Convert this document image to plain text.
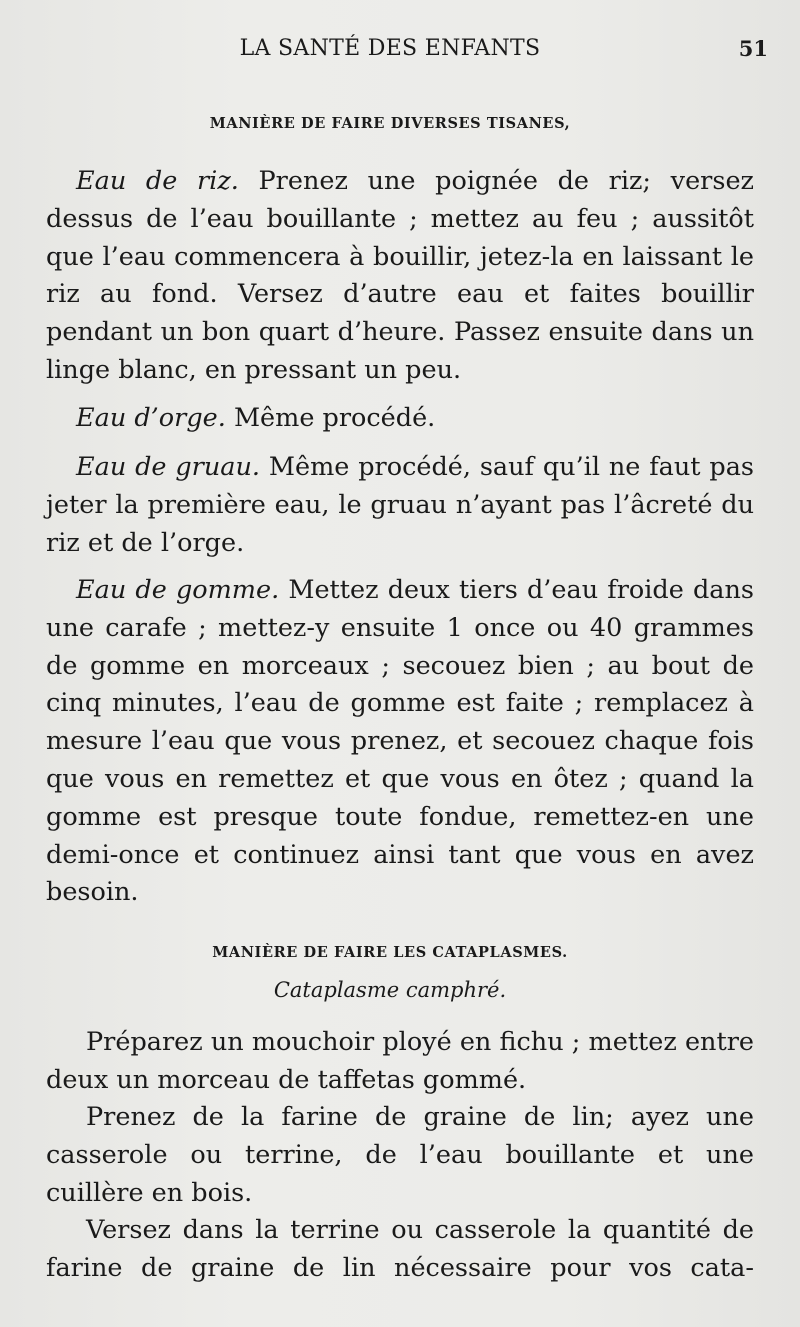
LA SANTÉ DES ENFANTS	51
MANIÈRE DE FAIRE DIVERSES TISANES,

Eau de riz. Prenez une poignée de riz; versez dessus de l’eau bouillante ; mettez au feu ; aussitôt que l’eau commencera à bouillir, jetez-la en laissant le riz au fond. Versez d’autre eau et faites bouillir pendant un bon quart d’heure. Passez ensuite dans un linge blanc, en pressant un peu.

Eau d’orge. Même procédé.

Eau de gruau. Même procédé, sauf qu’il ne faut pas jeter la première eau, le gruau n’ayant pas l’âcreté du riz et de l’orge.

Eau de gomme. Mettez deux tiers d’eau froide dans une carafe ; mettez-y ensuite 1 once ou 40 grammes de gomme en morceaux ; secouez bien ; au bout de cinq minutes, l’eau de gomme est faite ; remplacez à mesure l’eau que vous prenez, et secouez chaque fois que vous en remettez et que vous en ôtez ; quand la gomme est presque toute fondue, remettez-en une demi-once et continuez ainsi tant que vous en avez besoin.

MANIÈRE DE FAIRE LES CATAPLASMES.
Cataplasme camphré.

Préparez un mouchoir ployé en fichu ; mettez entre deux un morceau de taffetas gommé.

Prenez de la farine de graine de lin; ayez une casserole ou terrine, de l’eau bouillante et une cuillère en bois.

Versez dans la terrine ou casserole la quantité de farine de graine de lin nécessaire pour vos cata-
